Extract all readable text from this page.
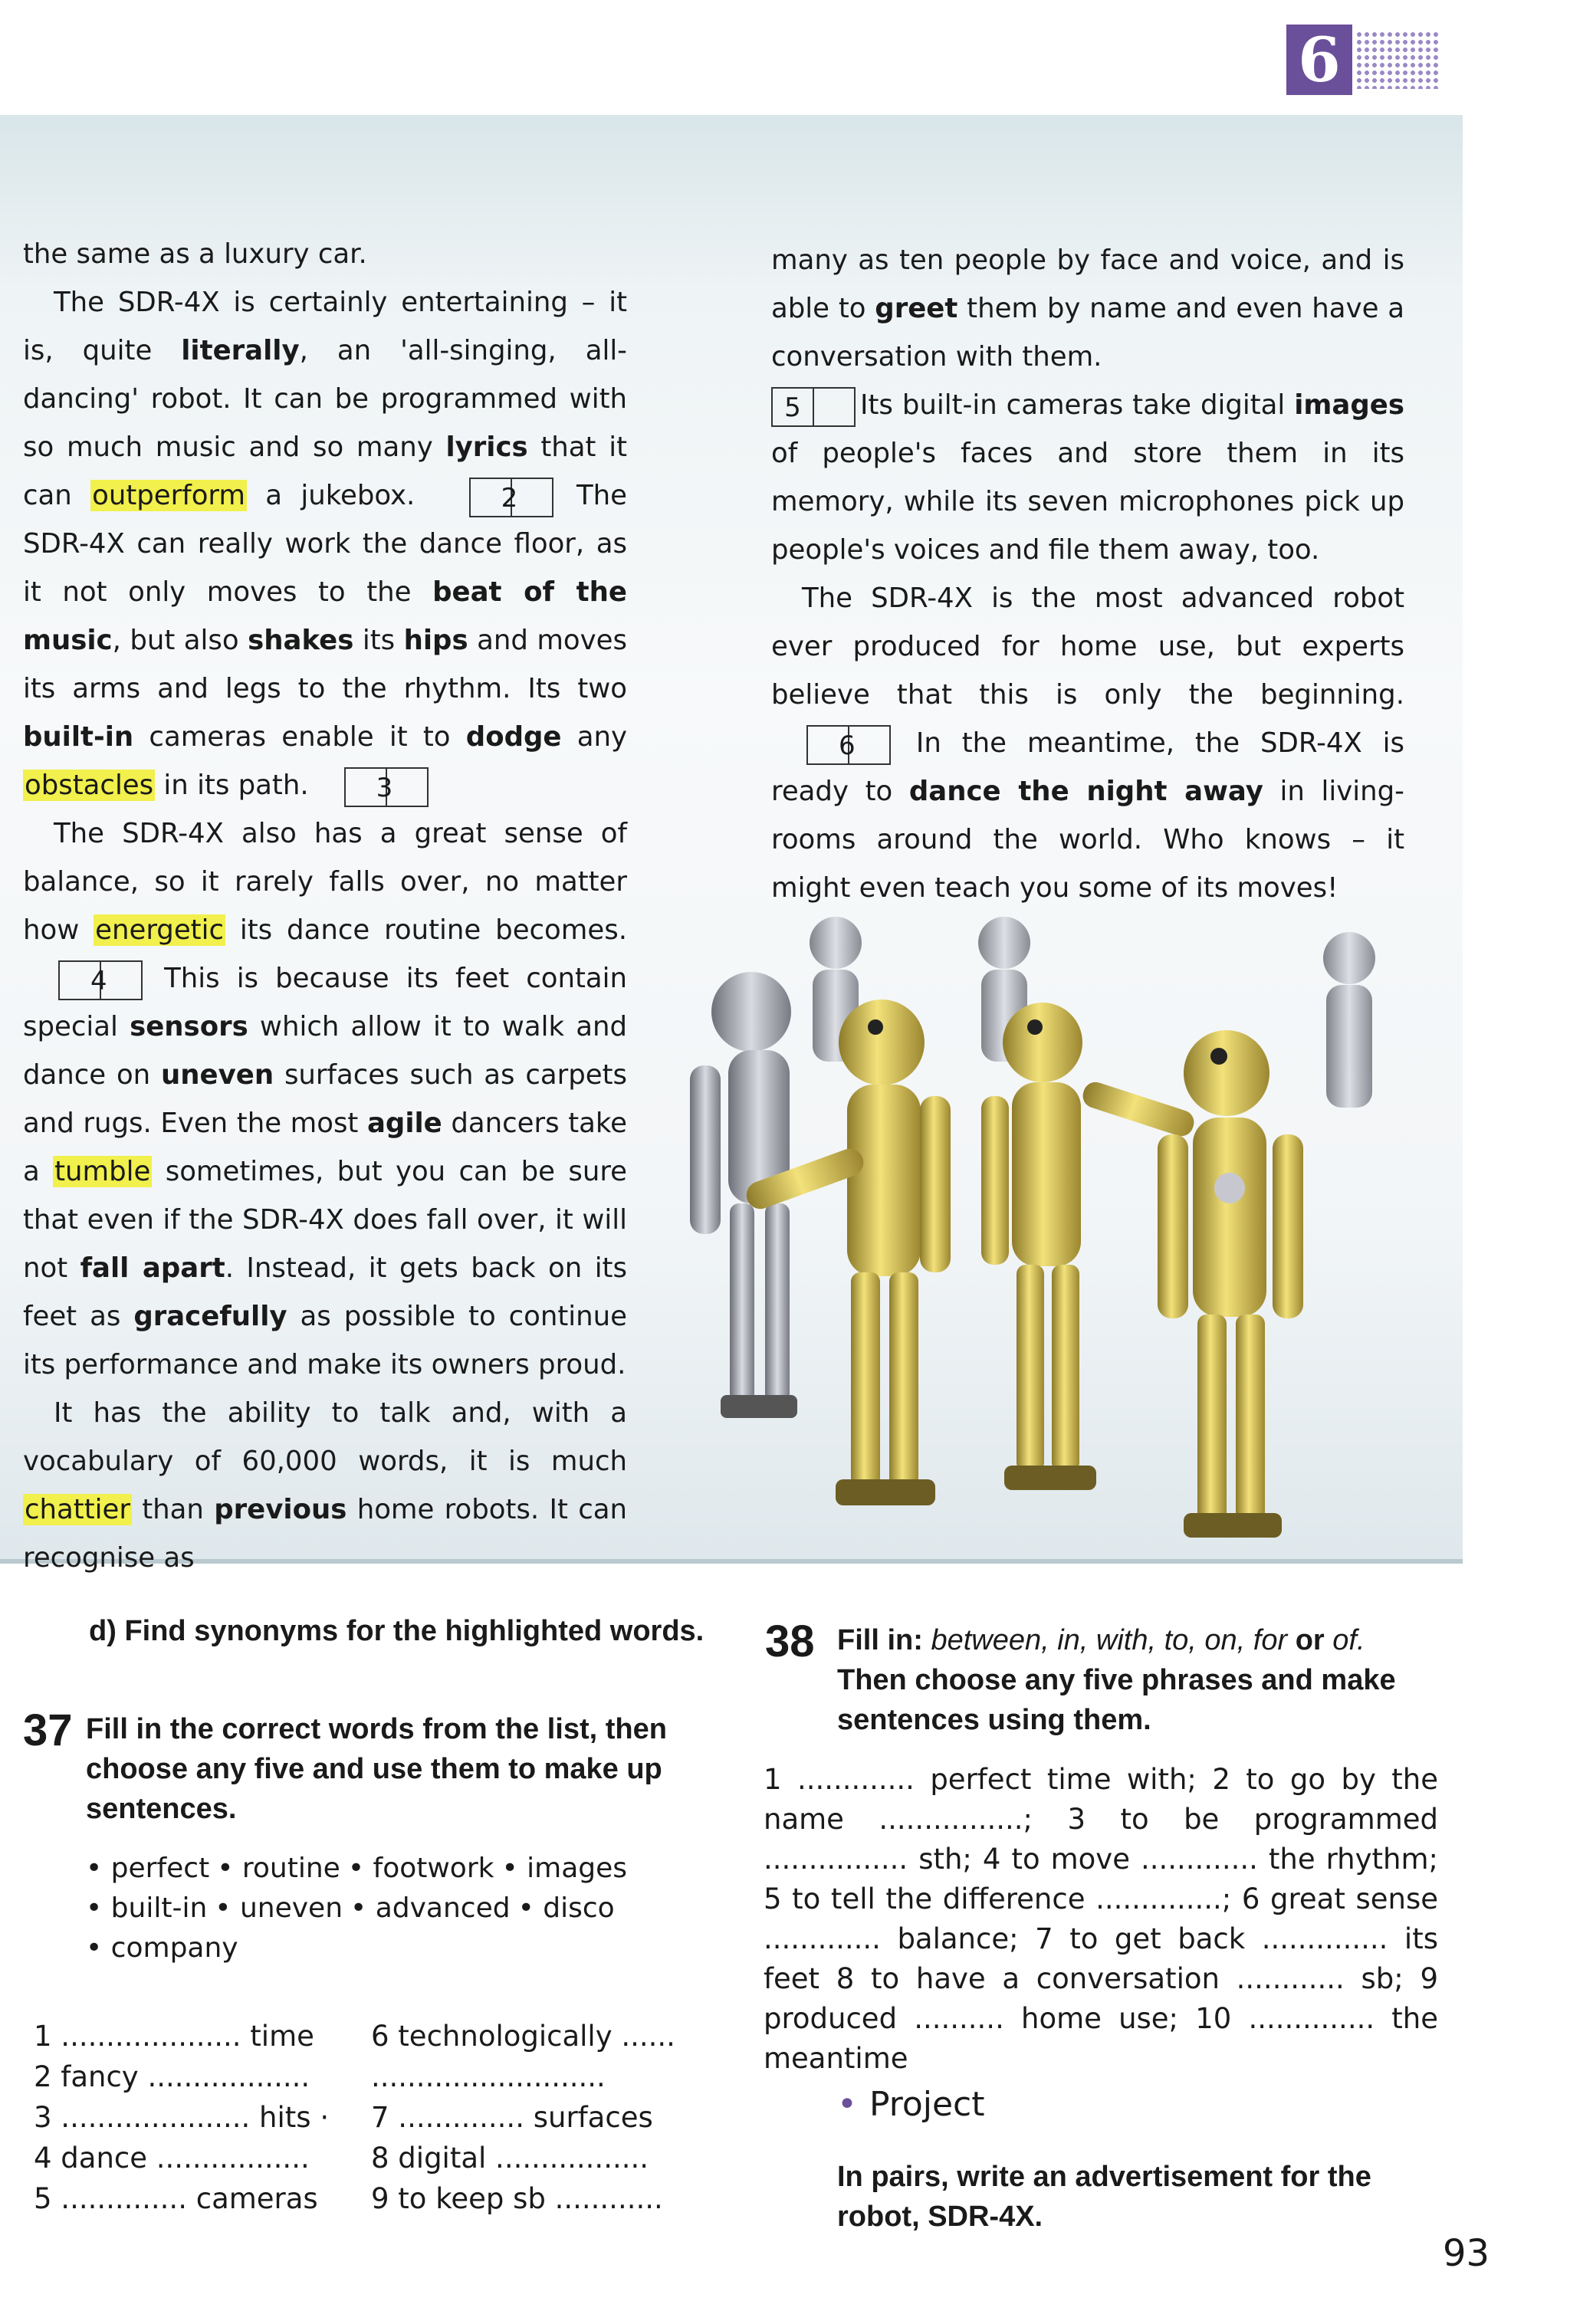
6

the same as a luxury car.

The SDR-4X is certainly entertaining – it is, quite literally, an 'all-singing, all-dancing' robot. It can be programmed with so much music and so many lyrics that it can outperform a jukebox.	2 The SDR-4X can really work the dance floor, as it not only moves to the beat of the music, but also shakes its hips and moves its arms and legs to the rhythm. Its two built-in cameras enable it to dodge any obstacles in its path.	3

The SDR-4X also has a great sense of balance, so it rarely falls over, no matter how energetic its dance routine becomes. 4 This is because its feet contain special sensors which allow it to walk and dance on uneven surfaces such as carpets and rugs. Even the most agile dancers take a tumble sometimes, but you can be sure that even if the SDR-4X does fall over, it will not fall apart. Instead, it gets back on its feet as gracefully as possible to continue its performance and make its owners proud.

It has the ability to talk and, with a vocabulary of 60,000 words, it is much chattier than previous home robots. It can recognise as

many as ten people by face and voice, and is able to greet them by name and even have a conversation with them.

5 Its built-in cameras take digital images of people's faces and store them in its memory, while its seven microphones pick up people's voices and file them away, too.

The SDR-4X is the most advanced robot ever produced for home use, but experts believe that this is only the beginning. 6 In the meantime, the SDR-4X is ready to dance the night away in living-rooms around the world. Who knows – it might even teach you some of its moves!

d) Find synonyms for the highlighted words.
37 Fill in the correct words from the list, then choose any five and use them to make up sentences.
• perfect • routine • footwork • images
• built-in • uneven • advanced • disco
• company
1 .................... time
2 fancy ..................
3 ..................... hits ·
4 dance .................
5 .............. cameras
6 technologically ......
..........................
7 .............. surfaces
8 digital .................
9 to keep sb ............
38 Fill in: between, in, with, to, on, for or of. Then choose any five phrases and make sentences using them.
1 ............. perfect time with; 2 to go by the name ................; 3 to be programmed ................ sth; 4 to move ............. the rhythm; 5 to tell the difference ..............; 6 great sense ............. balance; 7 to get back .............. its feet 8 to have a conversation ............ sb; 9 produced .......... home use; 10 .............. the meantime
• Project
In pairs, write an advertisement for the robot, SDR-4X.
93
